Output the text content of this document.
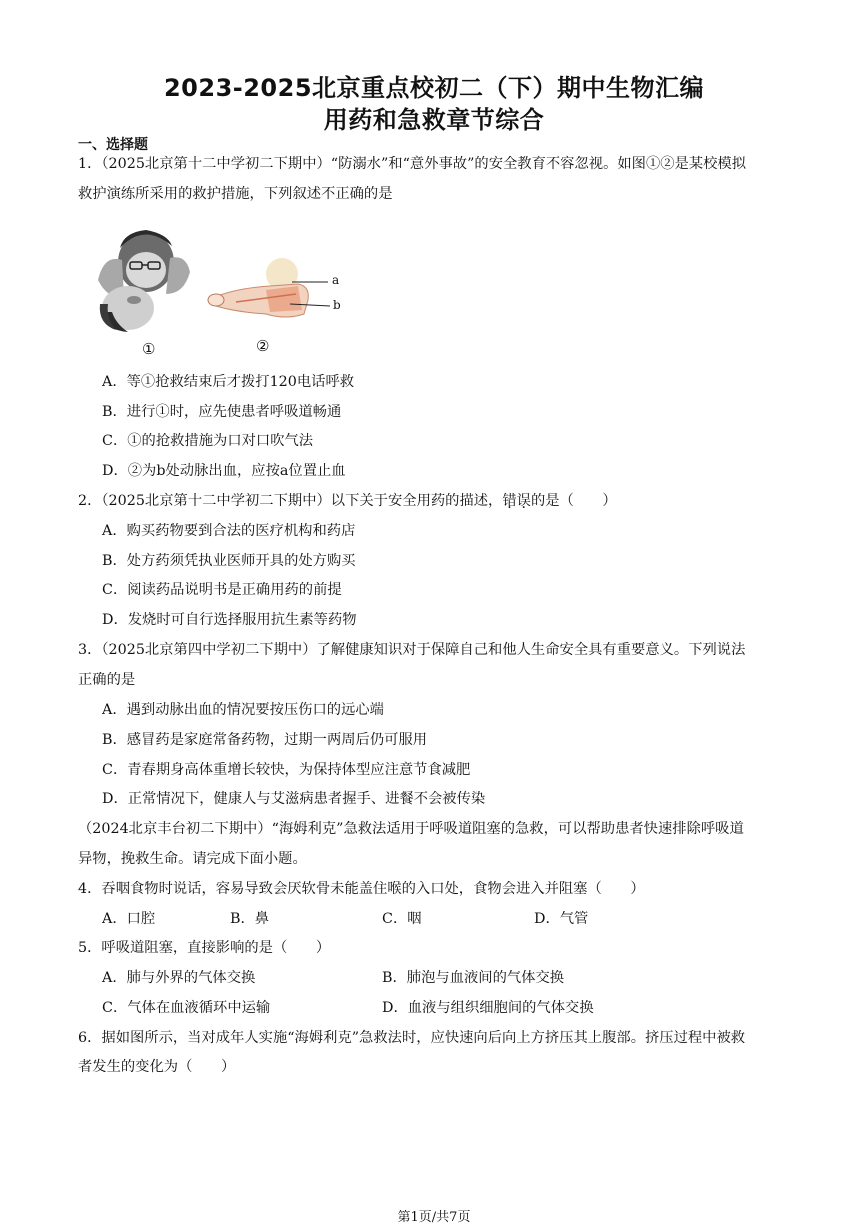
2023-2025北京重点校初二（下）期中生物汇编
用药和急救章节综合
一、选择题
1．（2025北京第十二中学初二下期中）“防溺水”和“意外事故”的安全教育不容忽视。如图①②是某校模拟
救护演练所采用的救护措施，下列叙述不正确的是
①
a
b
②
A．等①抢救结束后才拨打120电话呼救
B．进行①时，应先使患者呼吸道畅通
C．①的抢救措施为口对口吹气法
D．②为b处动脉出血，应按a位置止血
2．（2025北京第十二中学初二下期中）以下关于安全用药的描述，错误的是（　　）
A．购买药物要到合法的医疗机构和药店
B．处方药须凭执业医师开具的处方购买
C．阅读药品说明书是正确用药的前提
D．发烧时可自行选择服用抗生素等药物
3．（2025北京第四中学初二下期中）了解健康知识对于保障自己和他人生命安全具有重要意义。下列说法
正确的是
A．遇到动脉出血的情况要按压伤口的远心端
B．感冒药是家庭常备药物，过期一两周后仍可服用
C．青春期身高体重增长较快，为保持体型应注意节食减肥
D．正常情况下，健康人与艾滋病患者握手、进餐不会被传染
（2024北京丰台初二下期中）“海姆利克”急救法适用于呼吸道阻塞的急救，可以帮助患者快速排除呼吸道
异物，挽救生命。请完成下面小题。
4．吞咽食物时说话，容易导致会厌软骨未能盖住喉的入口处，食物会进入并阻塞（　　）
A．口腔	B．鼻	C．咽	D．气管
5．呼吸道阻塞，直接影响的是（　　）
A．肺与外界的气体交换	B．肺泡与血液间的气体交换
C．气体在血液循环中运输	D．血液与组织细胞间的气体交换
6．据如图所示，当对成年人实施“海姆利克”急救法时，应快速向后向上方挤压其上腹部。挤压过程中被救
者发生的变化为（　　）
第1页/共7页
